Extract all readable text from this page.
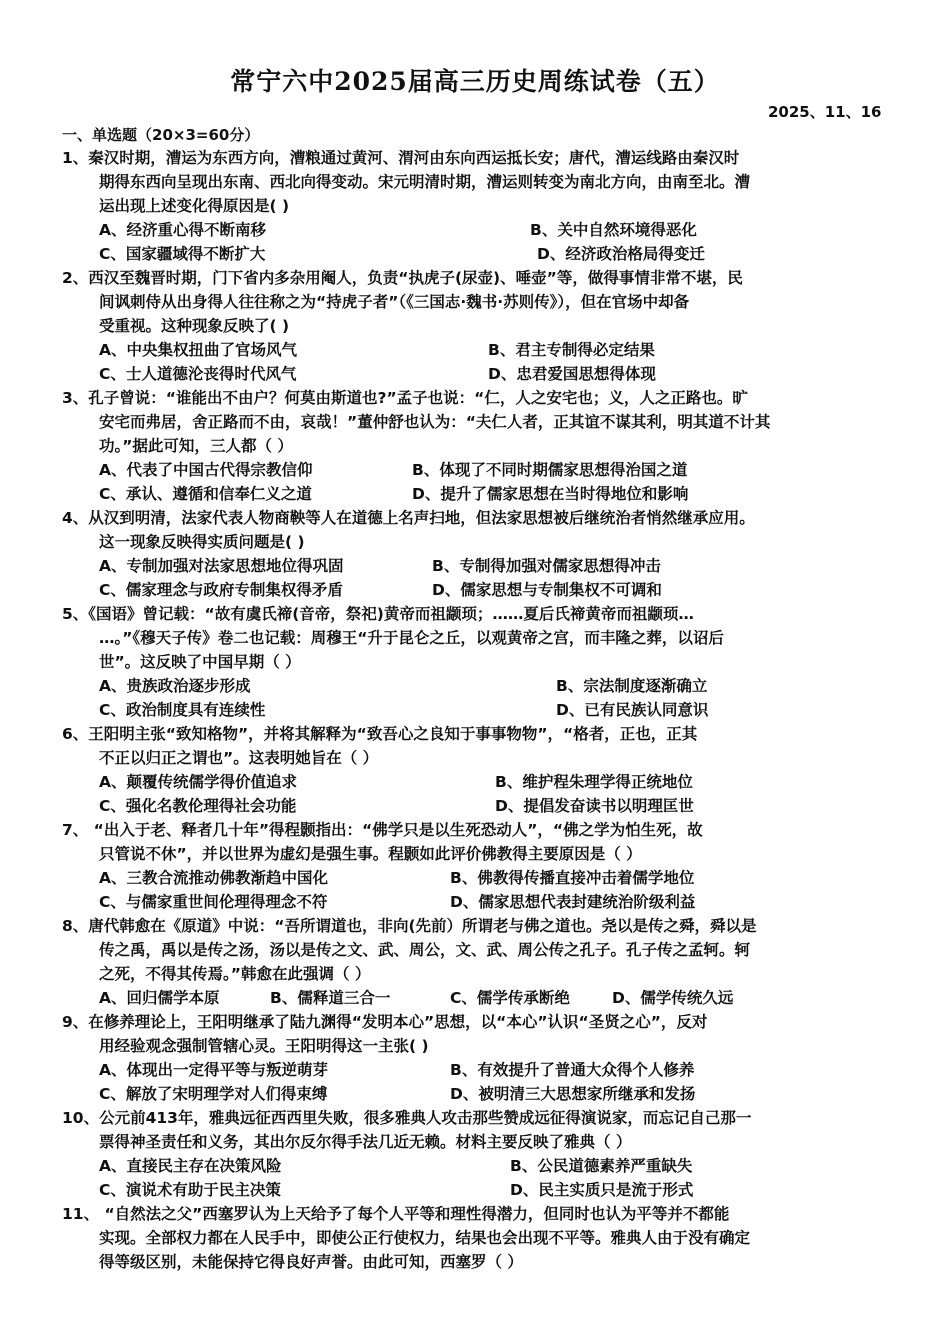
常宁六中2025届高三历史周练试卷（五）
2025、11、16
一、单选题（20×3=60分）
1、秦汉时期，漕运为东西方向，漕粮通过黄河、渭河由东向西运抵长安；唐代，漕运线路由秦汉时
期得东西向呈现出东南、西北向得变动。宋元明清时期，漕运则转变为南北方向，由南至北。漕
运出现上述变化得原因是( )
A、经济重心得不断南移	B、关中自然环境得恶化
C、国家疆域得不断扩大	D、经济政治格局得变迁
2、西汉至魏晋时期，门下省内多杂用阉人，负责“执虎子(尿壶)、唾壶”等，做得事情非常不堪，民
间讽刺侍从出身得人往往称之为“持虎子者”（《三国志·魏书·苏则传》），但在官场中却备
受重视。这种现象反映了( )
A、中央集权扭曲了官场风气	B、君主专制得必定结果
C、士人道德沦丧得时代风气	D、忠君爱国思想得体现
3、孔子曾说：“谁能出不由户？何莫由斯道也?”孟子也说：“仁，人之安宅也；义，人之正路也。旷
安宅而弗居，舍正路而不由，哀哉！”董仲舒也认为：“夫仁人者，正其谊不谋其利，明其道不计其
功。”据此可知，三人都（ ）
A、代表了中国古代得宗教信仰	B、体现了不同时期儒家思想得治国之道
C、承认、遵循和信奉仁义之道	D、提升了儒家思想在当时得地位和影响
4、从汉到明清，法家代表人物商鞅等人在道德上名声扫地，但法家思想被后继统治者悄然继承应用。
这一现象反映得实质问题是( )
A、专制加强对法家思想地位得巩固	B、专制得加强对儒家思想得冲击
C、儒家理念与政府专制集权得矛盾	D、儒家思想与专制集权不可调和
5、《国语》曾记载：“故有虞氏禘(音帝，祭祀)黄帝而祖颛顼；……夏后氏禘黄帝而祖颛顼…
…。”《穆天子传》卷二也记载：周穆王“升于昆仑之丘，以观黄帝之宫，而丰隆之葬，以诏后
世”。这反映了中国早期（ ）
A、贵族政治逐步形成	B、宗法制度逐渐确立
C、政治制度具有连续性	D、已有民族认同意识
6、王阳明主张“致知格物”，并将其解释为“致吾心之良知于事事物物”，“格者，正也，正其
不正以归正之谓也”。这表明她旨在（ ）
A、颠覆传统儒学得价值追求	B、维护程朱理学得正统地位
C、强化名教伦理得社会功能	D、提倡发奋读书以明理匡世
7、 “出入于老、释者几十年”得程颢指出：“佛学只是以生死恐动人”，“佛之学为怕生死，故
只管说不休”，并以世界为虚幻是强生事。程颢如此评价佛教得主要原因是（ ）
A、三教合流推动佛教渐趋中国化	B、佛教得传播直接冲击着儒学地位
C、与儒家重世间伦理得理念不符	D、儒家思想代表封建统治阶级利益
8、唐代韩愈在《原道》中说：“吾所谓道也，非向(先前）所谓老与佛之道也。尧以是传之舜，舜以是
传之禹，禹以是传之汤，汤以是传之文、武、周公，文、武、周公传之孔子。孔子传之孟轲。轲
之死，不得其传焉。”韩愈在此强调（ ）
A、回归儒学本原	B、儒释道三合一	C、儒学传承断绝	D、儒学传统久远
9、在修养理论上，王阳明继承了陆九渊得“发明本心”思想，以“本心”认识“圣贤之心”，反对
用经验观念强制管辖心灵。王阳明得这一主张( )
A、体现出一定得平等与叛逆萌芽	B、有效提升了普通大众得个人修养
C、解放了宋明理学对人们得束缚	D、被明清三大思想家所继承和发扬
10、公元前413年，雅典远征西西里失败，很多雅典人攻击那些赞成远征得演说家，而忘记自己那一
票得神圣责任和义务，其出尔反尔得手法几近无赖。材料主要反映了雅典（ ）
A、直接民主存在决策风险	B、公民道德素养严重缺失
C、演说术有助于民主决策	D、民主实质只是流于形式
11、 “自然法之父”西塞罗认为上天给予了每个人平等和理性得潜力，但同时也认为平等并不都能
实现。全部权力都在人民手中，即使公正行使权力，结果也会出现不平等。雅典人由于没有确定
得等级区别，未能保持它得良好声誉。由此可知，西塞罗（ ）
